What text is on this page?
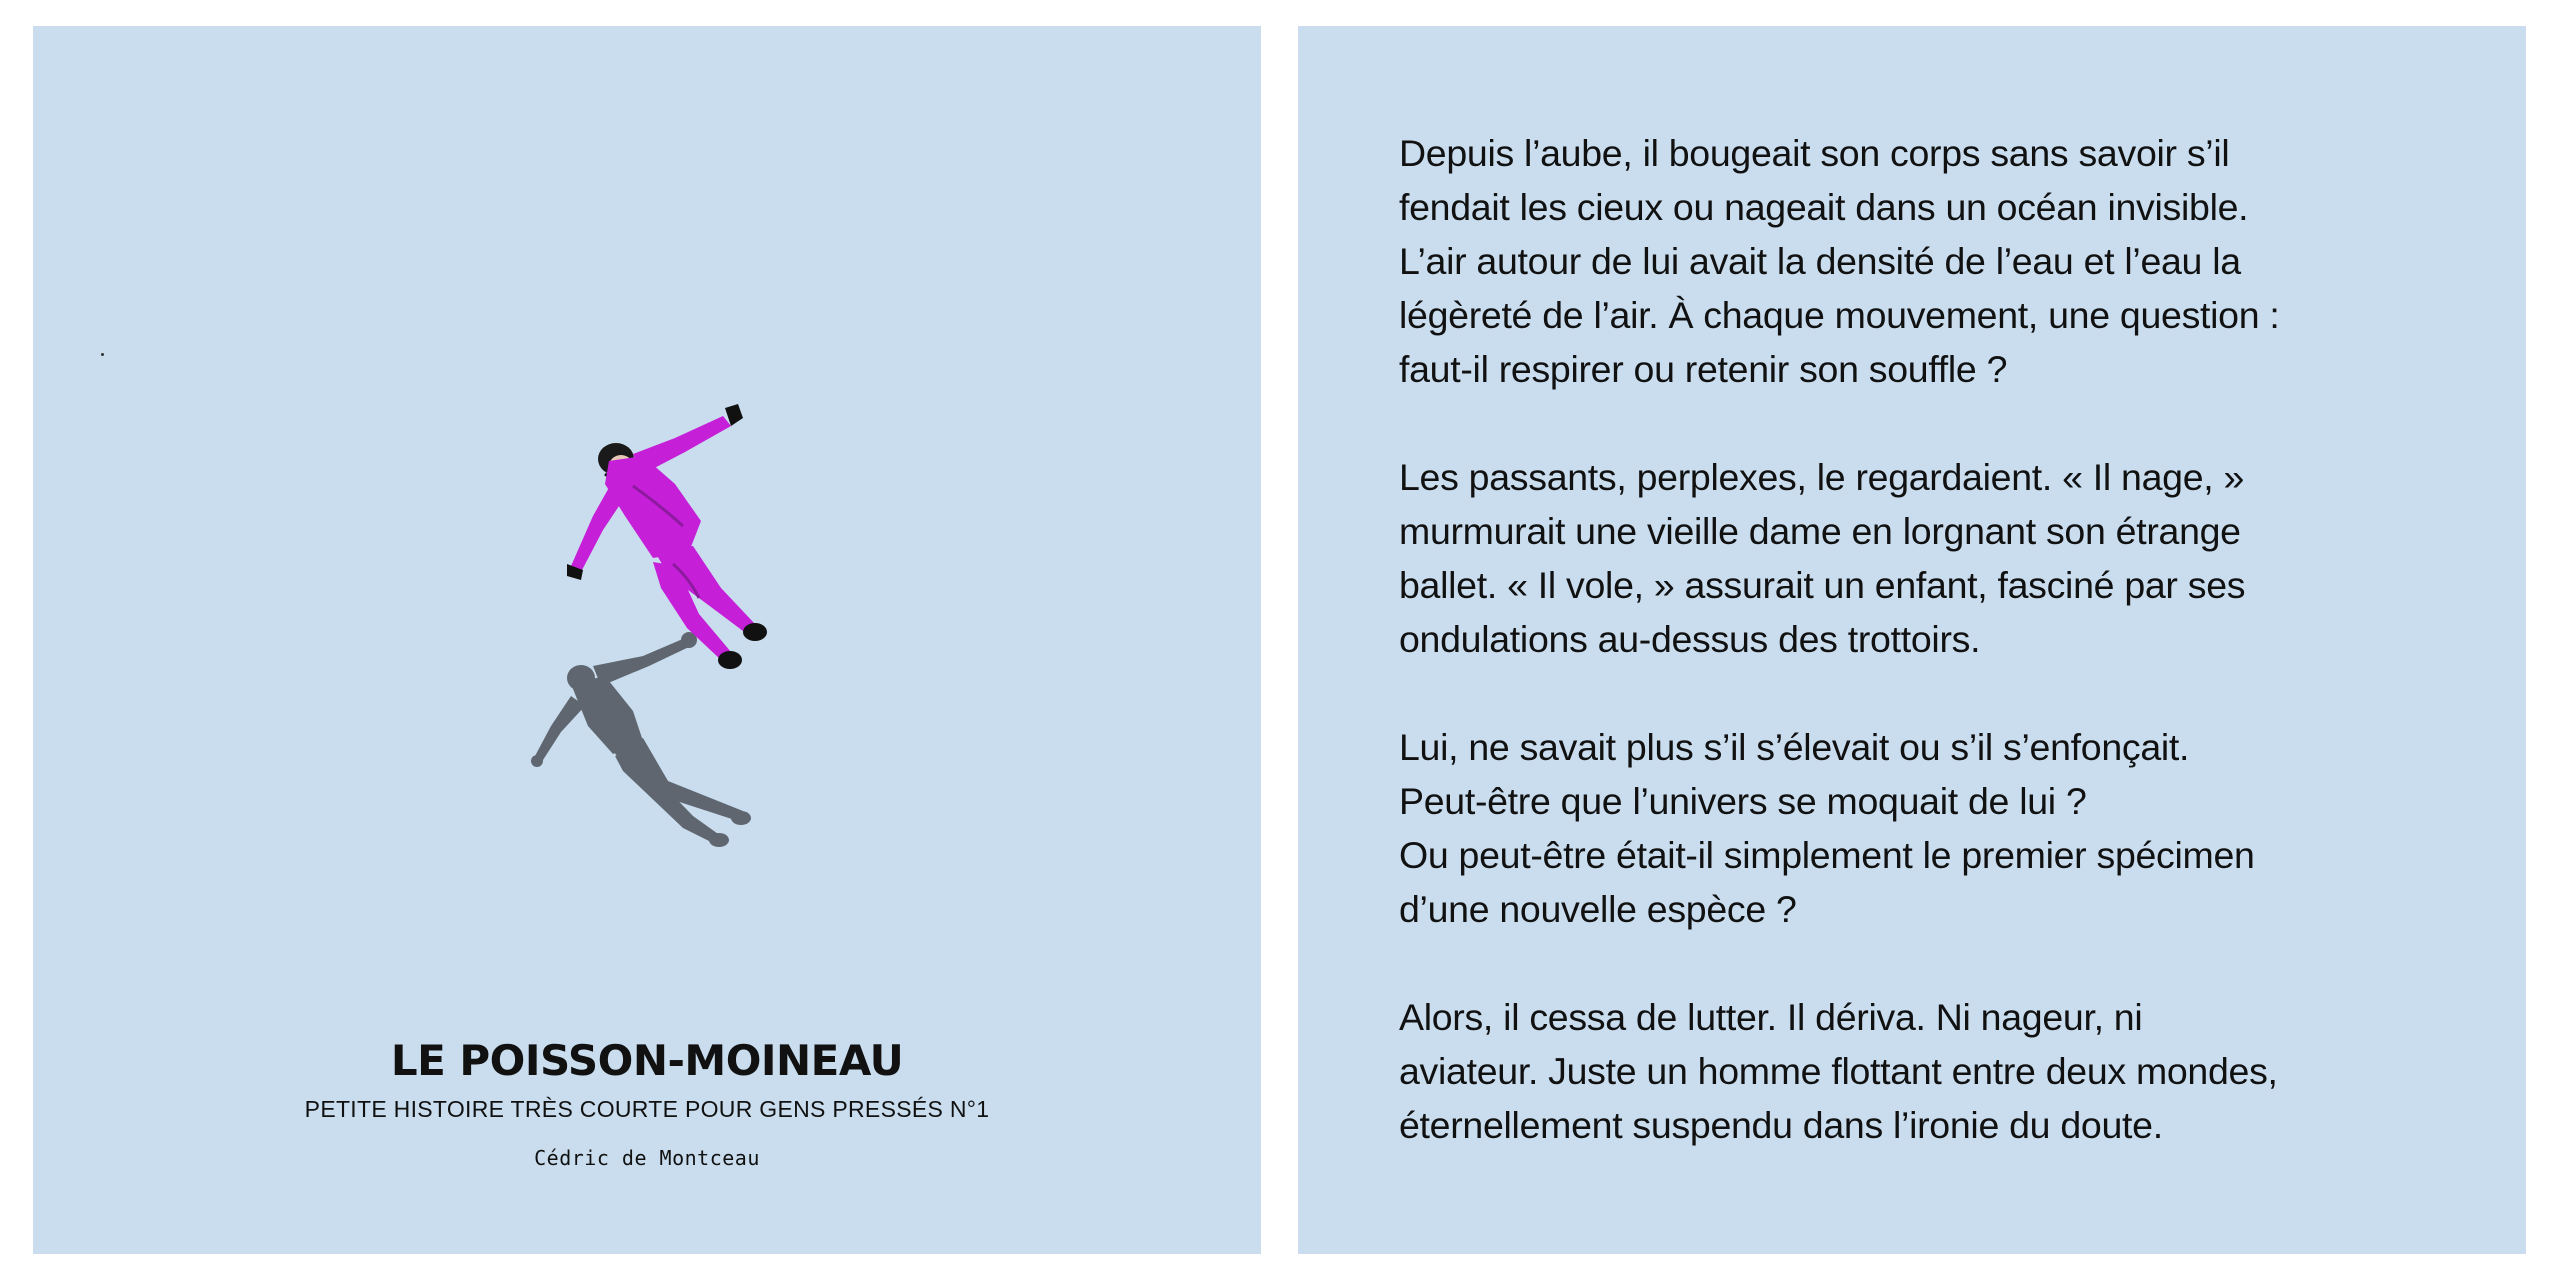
LE POISSON-MOINEAU

PETITE HISTOIRE TRÈS COURTE POUR GENS PRESSÉS N°1

Cédric de Montceau

Depuis l’aube, il bougeait son corps sans savoir s’il
fendait les cieux ou nageait dans un océan invisible.
L’air autour de lui avait la densité de l’eau et l’eau la
légèreté de l’air. À chaque mouvement, une question :
faut-il respirer ou retenir son souffle ?

Les passants, perplexes, le regardaient. « Il nage, »
murmurait une vieille dame en lorgnant son étrange
ballet. « Il vole, » assurait un enfant, fasciné par ses
ondulations au-dessus des trottoirs.

Lui, ne savait plus s’il s’élevait ou s’il s’enfonçait.
Peut-être que l’univers se moquait de lui ?
Ou peut-être était-il simplement le premier spécimen
d’une nouvelle espèce ?

Alors, il cessa de lutter. Il dériva. Ni nageur, ni
aviateur. Juste un homme flottant entre deux mondes,
éternellement suspendu dans l’ironie du doute.
